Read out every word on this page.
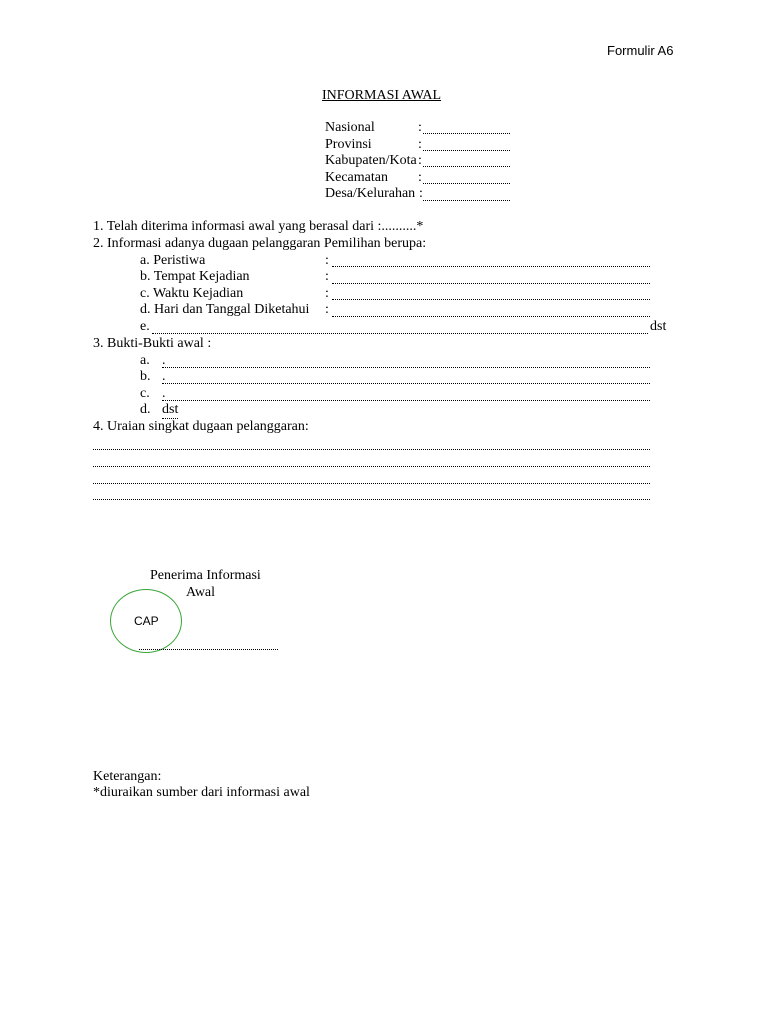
Formulir A6
INFORMASI AWAL
Nasional	:
Provinsi	:
Kabupaten/Kota :
Kecamatan :
Desa/Kelurahan :
1. Telah diterima informasi awal yang berasal dari :..........*
2. Informasi adanya dugaan pelanggaran Pemilihan berupa:
a. Peristiwa	:
b. Tempat Kejadian	:
c. Waktu Kejadian	:
d. Hari dan Tanggal Diketahui :
e.	dst
3. Bukti-Bukti awal :
a. .
b. .
c. .
d. dst
4. Uraian singkat dugaan pelanggaran:
Penerima Informasi
Awal
CAP
Keterangan:
*diuraikan sumber dari informasi awal
